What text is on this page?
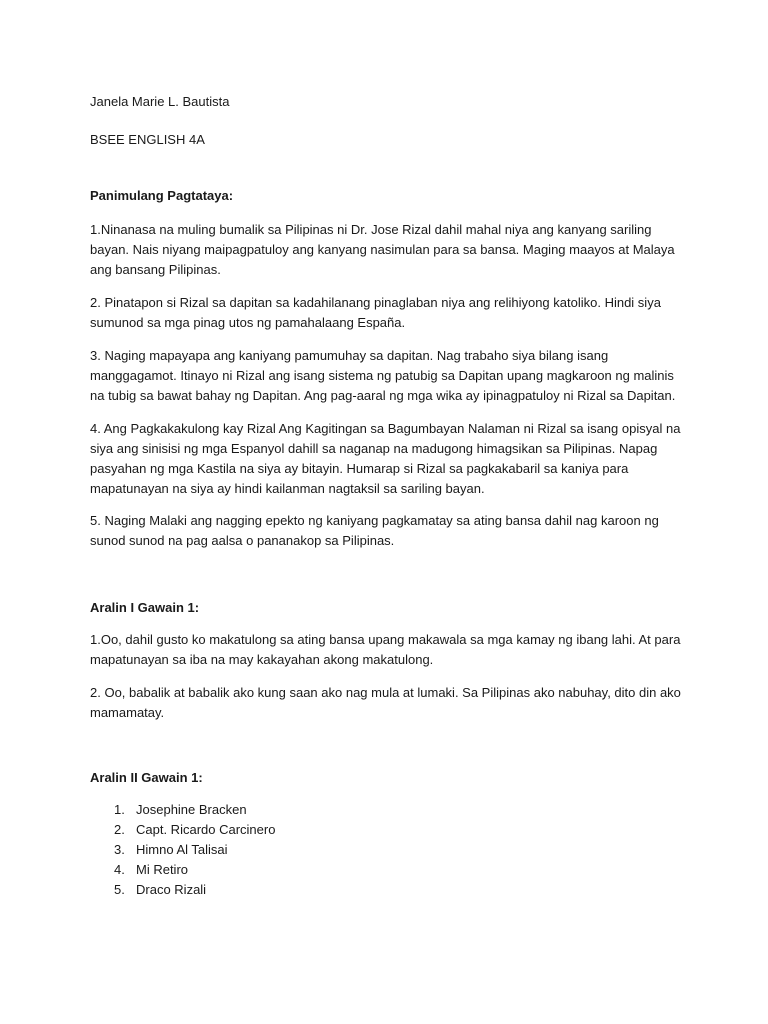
Janela Marie L. Bautista

BSEE ENGLISH 4A

Panimulang Pagtataya:

1.Ninanasa na muling bumalik sa Pilipinas ni Dr. Jose Rizal dahil mahal niya ang kanyang sariling bayan. Nais niyang maipagpatuloy ang kanyang nasimulan para sa bansa. Maging maayos at Malaya ang bansang Pilipinas.

2. Pinatapon si Rizal sa dapitan sa kadahilanang pinaglaban niya ang relihiyong katoliko. Hindi siya sumunod sa mga pinag utos ng pamahalaang España.

3. Naging mapayapa ang kaniyang pamumuhay sa dapitan. Nag trabaho siya bilang isang manggagamot. Itinayo ni Rizal ang isang sistema ng patubig sa Dapitan upang magkaroon ng malinis na tubig sa bawat bahay ng Dapitan. Ang pag-aaral ng mga wika ay ipinagpatuloy ni Rizal sa Dapitan.

4. Ang Pagkakakulong kay Rizal Ang Kagitingan sa Bagumbayan Nalaman ni Rizal sa isang opisyal na siya ang sinisisi ng mga Espanyol dahill sa naganap na madugong himagsikan sa Pilipinas. Napag pasyahan ng mga Kastila na siya ay bitayin. Humarap si Rizal sa pagkakabaril sa kaniya para mapatunayan na siya ay hindi kailanman nagtaksil sa sariling bayan.

5. Naging Malaki ang nagging epekto ng kaniyang pagkamatay sa ating bansa dahil nag karoon ng sunod sunod na pag aalsa o pananakop sa Pilipinas.

Aralin I Gawain 1:

1.Oo, dahil gusto ko makatulong sa ating bansa upang makawala sa mga kamay ng ibang lahi. At para mapatunayan sa iba na may kakayahan akong makatulong.

2. Oo, babalik at babalik ako kung saan ako nag mula at lumaki. Sa Pilipinas ako nabuhay, dito din ako mamamatay.

Aralin II Gawain 1:

1. Josephine Bracken
2. Capt. Ricardo Carcinero
3. Himno Al Talisai
4. Mi Retiro
5. Draco Rizali
